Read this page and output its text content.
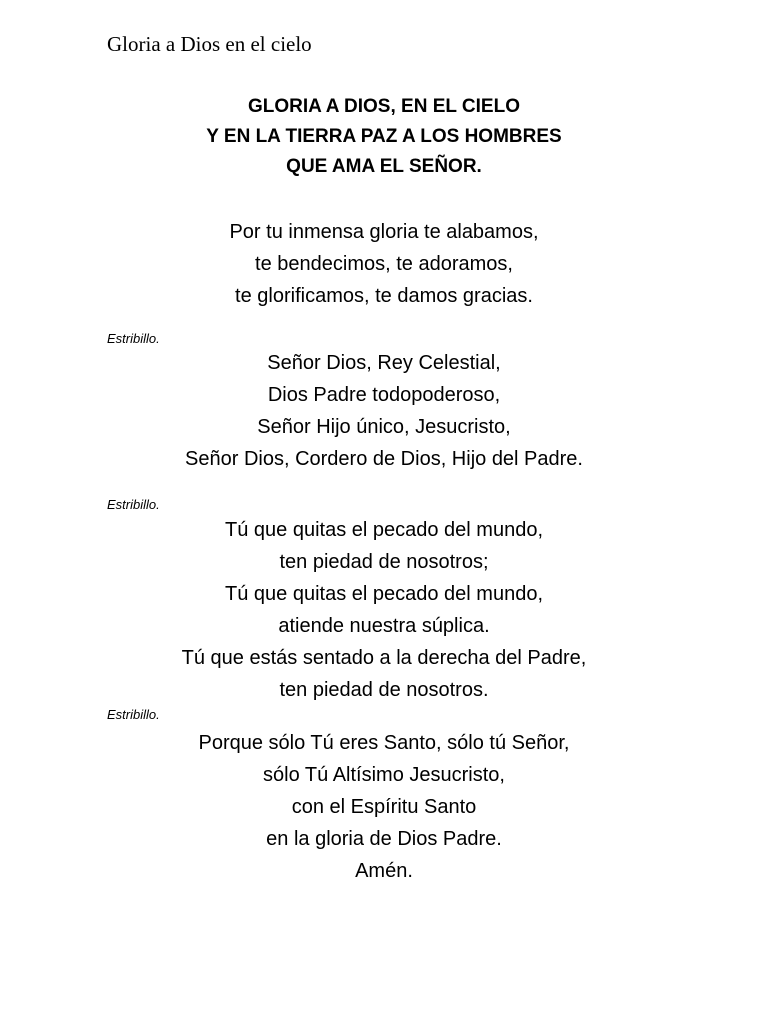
Gloria a Dios en el cielo
GLORIA A DIOS, EN EL CIELO
Y EN LA TIERRA PAZ A LOS HOMBRES
QUE AMA EL SEÑOR.
Por tu inmensa gloria te alabamos,
te bendecimos, te adoramos,
te glorificamos, te damos gracias.
Estribillo.
Señor Dios, Rey Celestial,
Dios Padre todopoderoso,
Señor Hijo único, Jesucristo,
Señor Dios, Cordero de Dios, Hijo del Padre.
Estribillo.
Tú que quitas el pecado del mundo,
ten piedad de nosotros;
Tú que quitas el pecado del mundo,
atiende nuestra súplica.
Tú que estás sentado a la derecha del Padre,
ten piedad de nosotros.
Estribillo.
Porque sólo Tú eres Santo, sólo tú Señor,
sólo Tú Altísimo Jesucristo,
con el Espíritu Santo
en la gloria de Dios Padre.
Amén.
